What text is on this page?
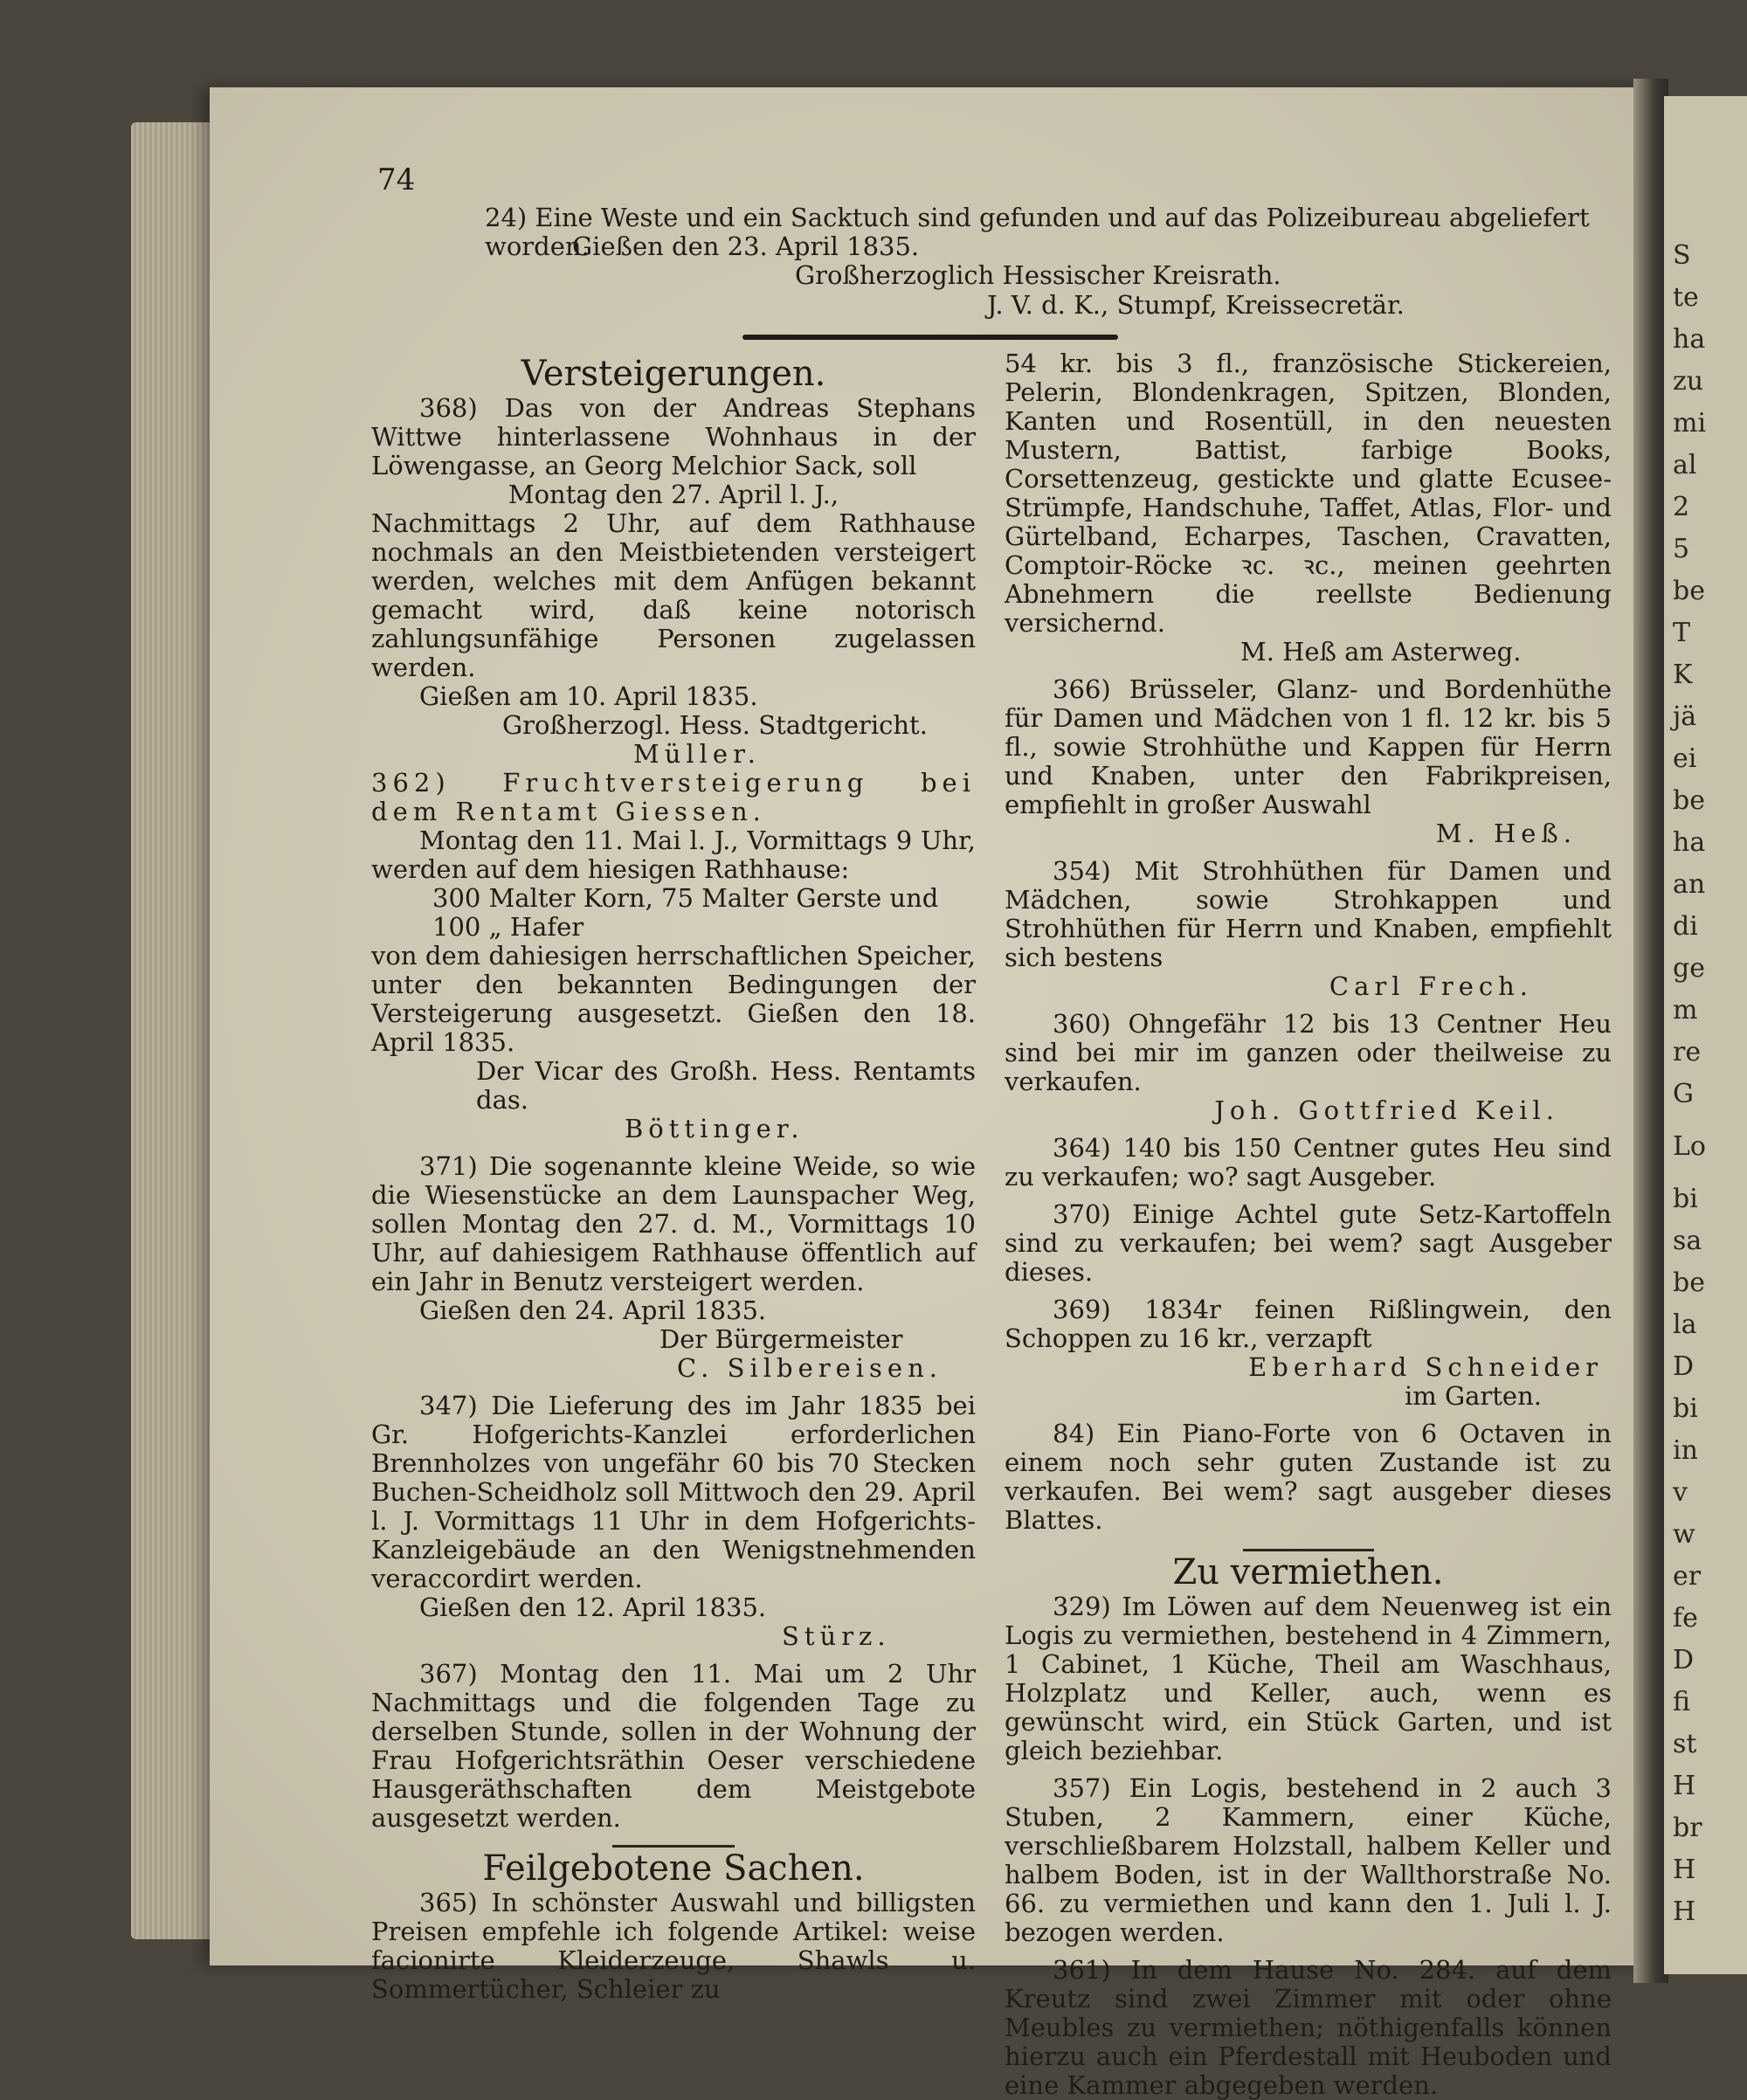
S
te
ha
zu
mi
al
2
5
be
T
K
jä
ei
be
ha
an
di
ge
m
re
G
Lo
bi
sa
be
la
D
bi
in
v
w
er
fe
D
fi
st
H
br
H
H
74
24) Eine Weste und ein Sacktuch sind gefunden und auf das Polizeibureau abgeliefert worden.
Gießen den 23. April 1835.
Großherzoglich Hessischer Kreisrath.
J. V. d. K., Stumpf, Kreissecretär.
Versteigerungen.

368) Das von der Andreas Stephans Wittwe hinterlassene Wohnhaus in der Löwengasse, an Georg Melchior Sack, soll

Montag den 27. April l. J.,

Nachmittags 2 Uhr, auf dem Rathhause nochmals an den Meistbietenden versteigert werden, welches mit dem Anfügen bekannt gemacht wird, daß keine notorisch zahlungsunfähige Personen zugelassen werden.

Gießen am 10. April 1835.

Großherzogl. Hess. Stadtgericht.

Müller.

362) Fruchtversteigerung bei dem Rentamt Giessen.

Montag den 11. Mai l. J., Vormittags 9 Uhr, werden auf dem hiesigen Rathhause:

300 Malter Korn, 75 Malter Gerste und

100 „ Hafer

von dem dahiesigen herrschaftlichen Speicher, unter den bekannten Bedingungen der Versteigerung ausgesetzt. Gießen den 18. April 1835.

Der Vicar des Großh. Hess. Rentamts das.

Böttinger.

371) Die sogenannte kleine Weide, so wie die Wiesenstücke an dem Launspacher Weg, sollen Montag den 27. d. M., Vormittags 10 Uhr, auf dahiesigem Rathhause öffentlich auf ein Jahr in Benutz versteigert werden.

Gießen den 24. April 1835.

Der Bürgermeister

C. Silbereisen.

347) Die Lieferung des im Jahr 1835 bei Gr. Hofgerichts-Kanzlei erforderlichen Brennholzes von ungefähr 60 bis 70 Stecken Buchen-Scheidholz soll Mittwoch den 29. April l. J. Vormittags 11 Uhr in dem Hofgerichts-Kanzleigebäude an den Wenigstnehmenden veraccordirt werden.

Gießen den 12. April 1835.

Stürz.

367) Montag den 11. Mai um 2 Uhr Nachmittags und die folgenden Tage zu derselben Stunde, sollen in der Wohnung der Frau Hofgerichtsräthin Oeser verschiedene Hausgeräthschaften dem Meistgebote ausgesetzt werden.

Feilgebotene Sachen.

365) In schönster Auswahl und billigsten Preisen empfehle ich folgende Artikel: weise facionirte Kleiderzeuge, Shawls u. Sommertücher, Schleier zu

54 kr. bis 3 fl., französische Stickereien, Pelerin, Blondenkragen, Spitzen, Blonden, Kanten und Rosentüll, in den neuesten Mustern, Battist, farbige Books, Corsettenzeug, gestickte und glatte Ecusee-Strümpfe, Handschuhe, Taffet, Atlas, Flor- und Gürtelband, Echarpes, Taschen, Cravatten, Comptoir-Röcke ꝛc. ꝛc., meinen geehrten Abnehmern die reellste Bedienung versichernd.

M. Heß am Asterweg.

366) Brüsseler, Glanz- und Bordenhüthe für Damen und Mädchen von 1 fl. 12 kr. bis 5 fl., sowie Strohhüthe und Kappen für Herrn und Knaben, unter den Fabrikpreisen, empfiehlt in großer Auswahl

M. Heß.

354) Mit Strohhüthen für Damen und Mädchen, sowie Strohkappen und Strohhüthen für Herrn und Knaben, empfiehlt sich bestens

Carl Frech.

360) Ohngefähr 12 bis 13 Centner Heu sind bei mir im ganzen oder theilweise zu verkaufen.

Joh. Gottfried Keil.

364) 140 bis 150 Centner gutes Heu sind zu verkaufen; wo? sagt Ausgeber.

370) Einige Achtel gute Setz-Kartoffeln sind zu verkaufen; bei wem? sagt Ausgeber dieses.

369) 1834r feinen Rißlingwein, den Schoppen zu 16 kr., verzapft

Eberhard Schneider

im Garten.

84) Ein Piano-Forte von 6 Octaven in einem noch sehr guten Zustande ist zu verkaufen. Bei wem? sagt ausgeber dieses Blattes.

Zu vermiethen.

329) Im Löwen auf dem Neuenweg ist ein Logis zu vermiethen, bestehend in 4 Zimmern, 1 Cabinet, 1 Küche, Theil am Waschhaus, Holzplatz und Keller, auch, wenn es gewünscht wird, ein Stück Garten, und ist gleich beziehbar.

357) Ein Logis, bestehend in 2 auch 3 Stuben, 2 Kammern, einer Küche, verschließbarem Holzstall, halbem Keller und halbem Boden, ist in der Wallthorstraße No. 66. zu vermiethen und kann den 1. Juli l. J. bezogen werden.

361) In dem Hause No. 284. auf dem Kreutz sind zwei Zimmer mit oder ohne Meubles zu vermiethen; nöthigenfalls können hierzu auch ein Pferdestall mit Heuboden und eine Kammer abgegeben werden.
